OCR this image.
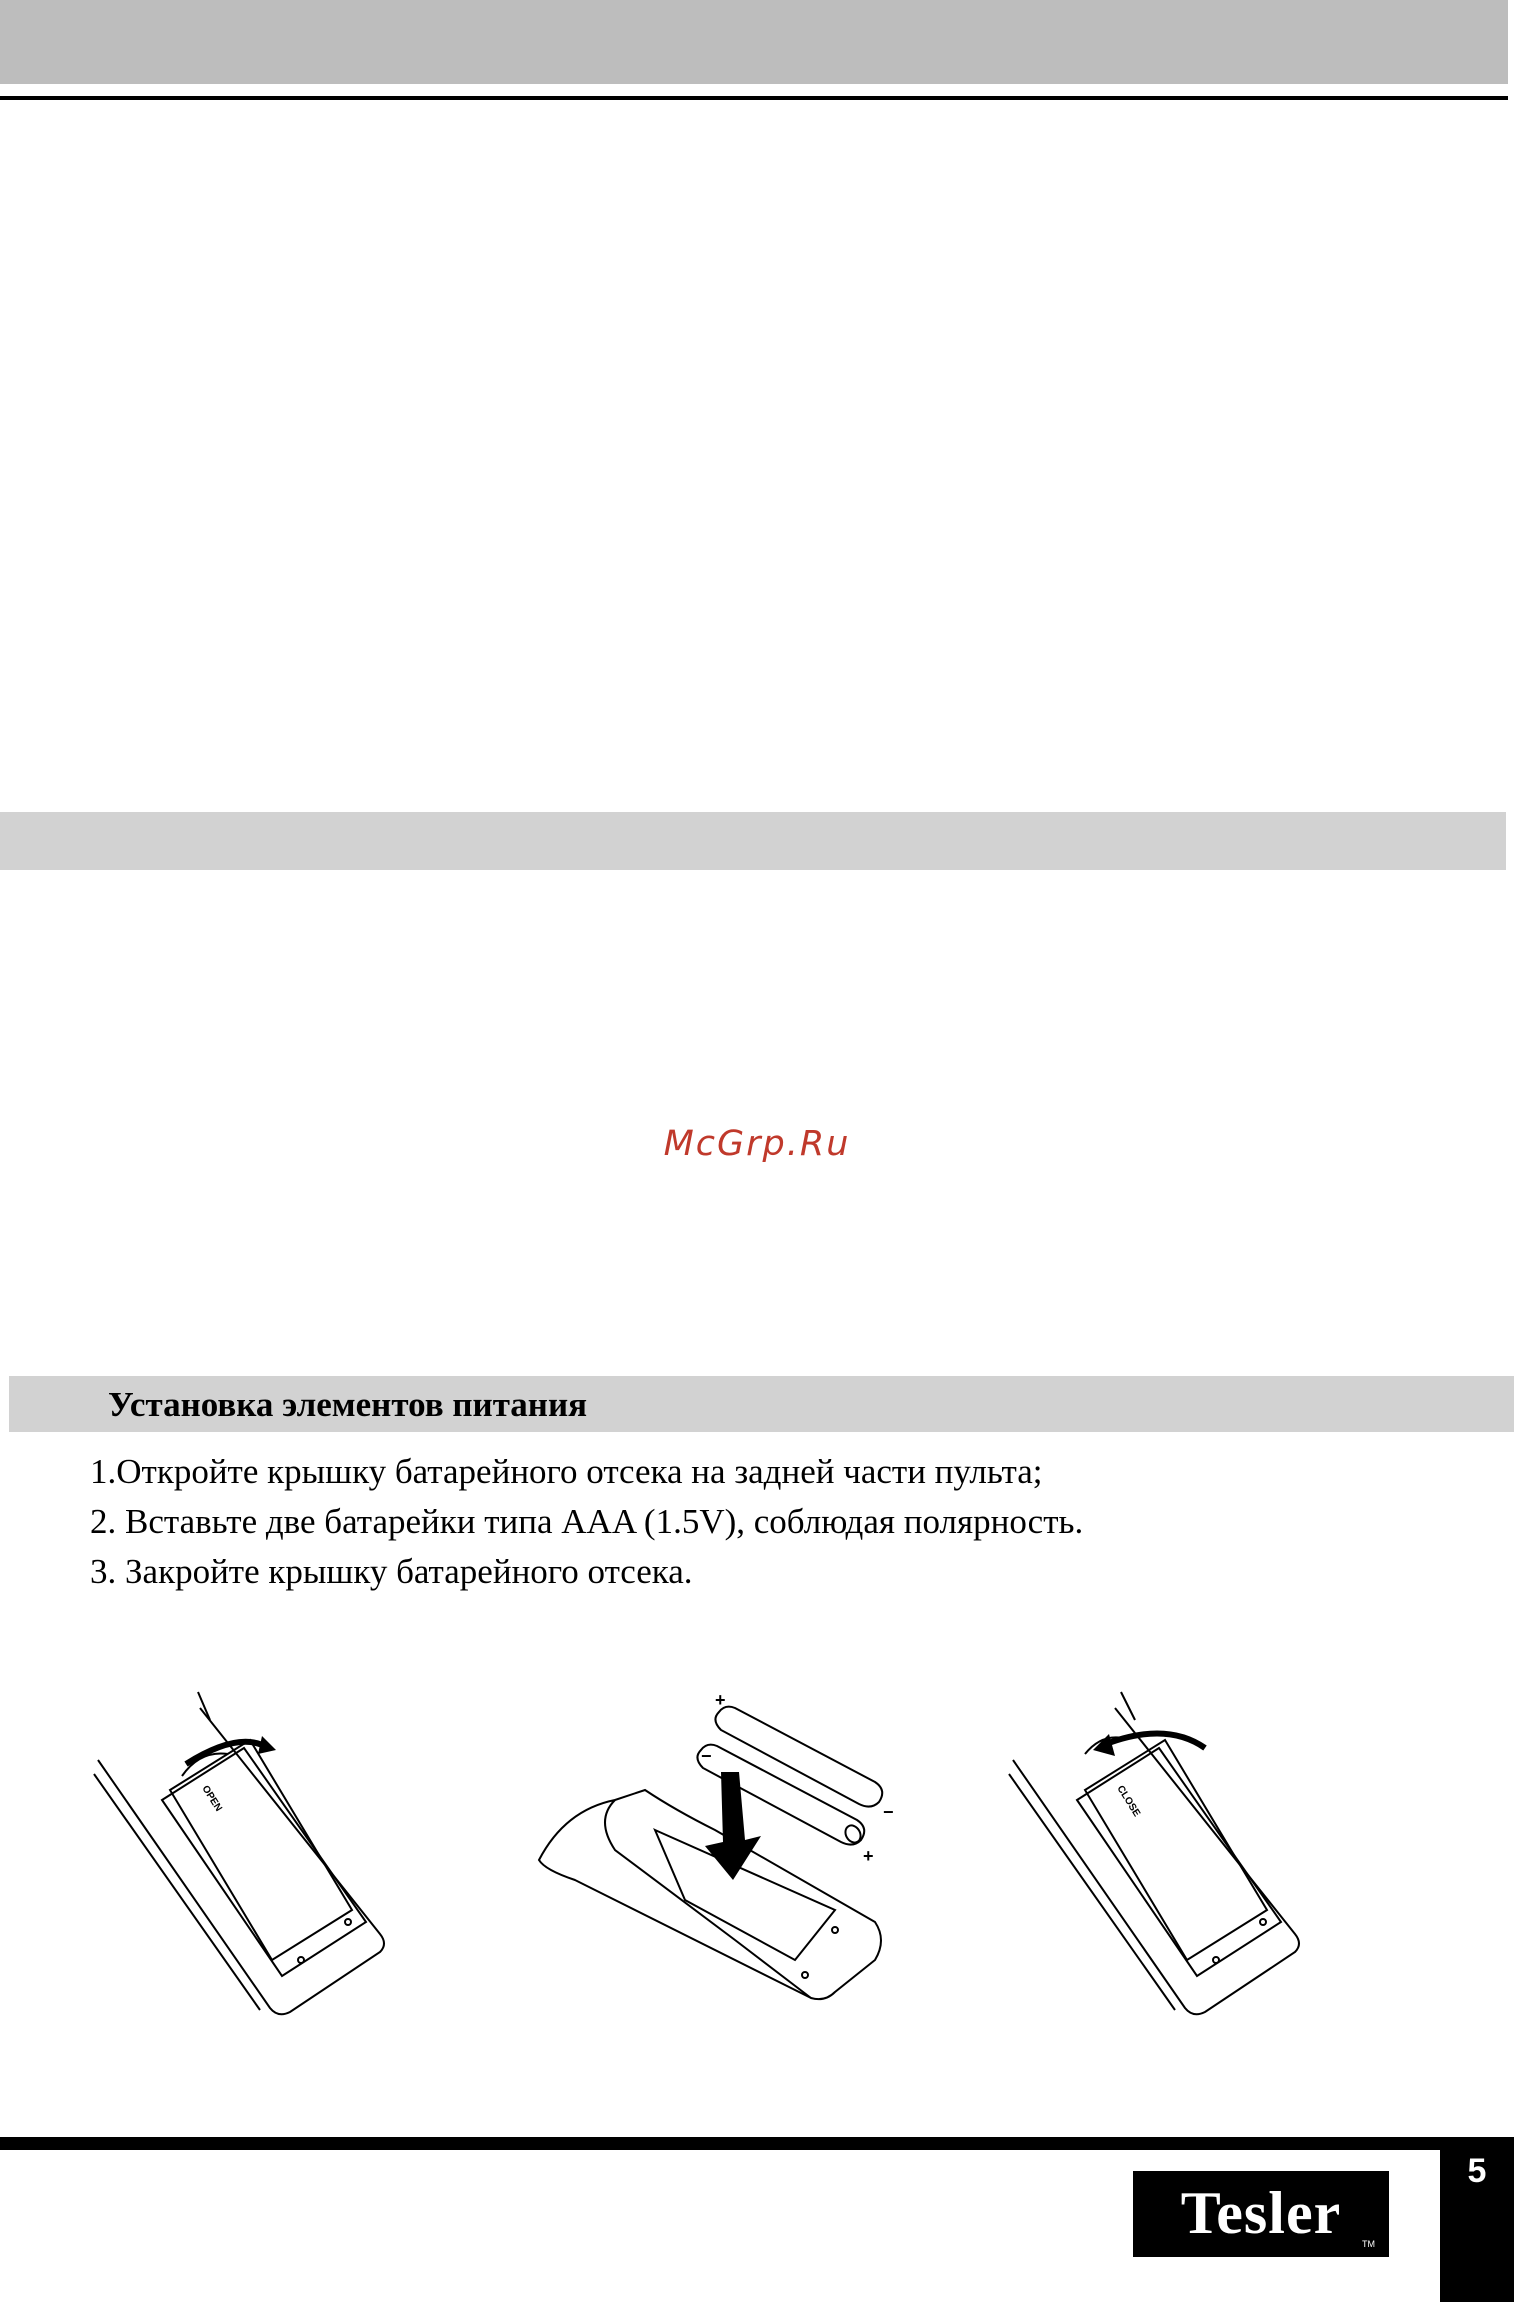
McGrp.Ru
Установка элементов питания
1.Откройте крышку батарейного отсека на задней части пульта;
2. Вставьте две батарейки типа AAA (1.5V), соблюдая полярность.
3. Закройте крышку батарейного отсека.
OPEN
+
−
−
+
CLOSE
5
Tesler	TM
